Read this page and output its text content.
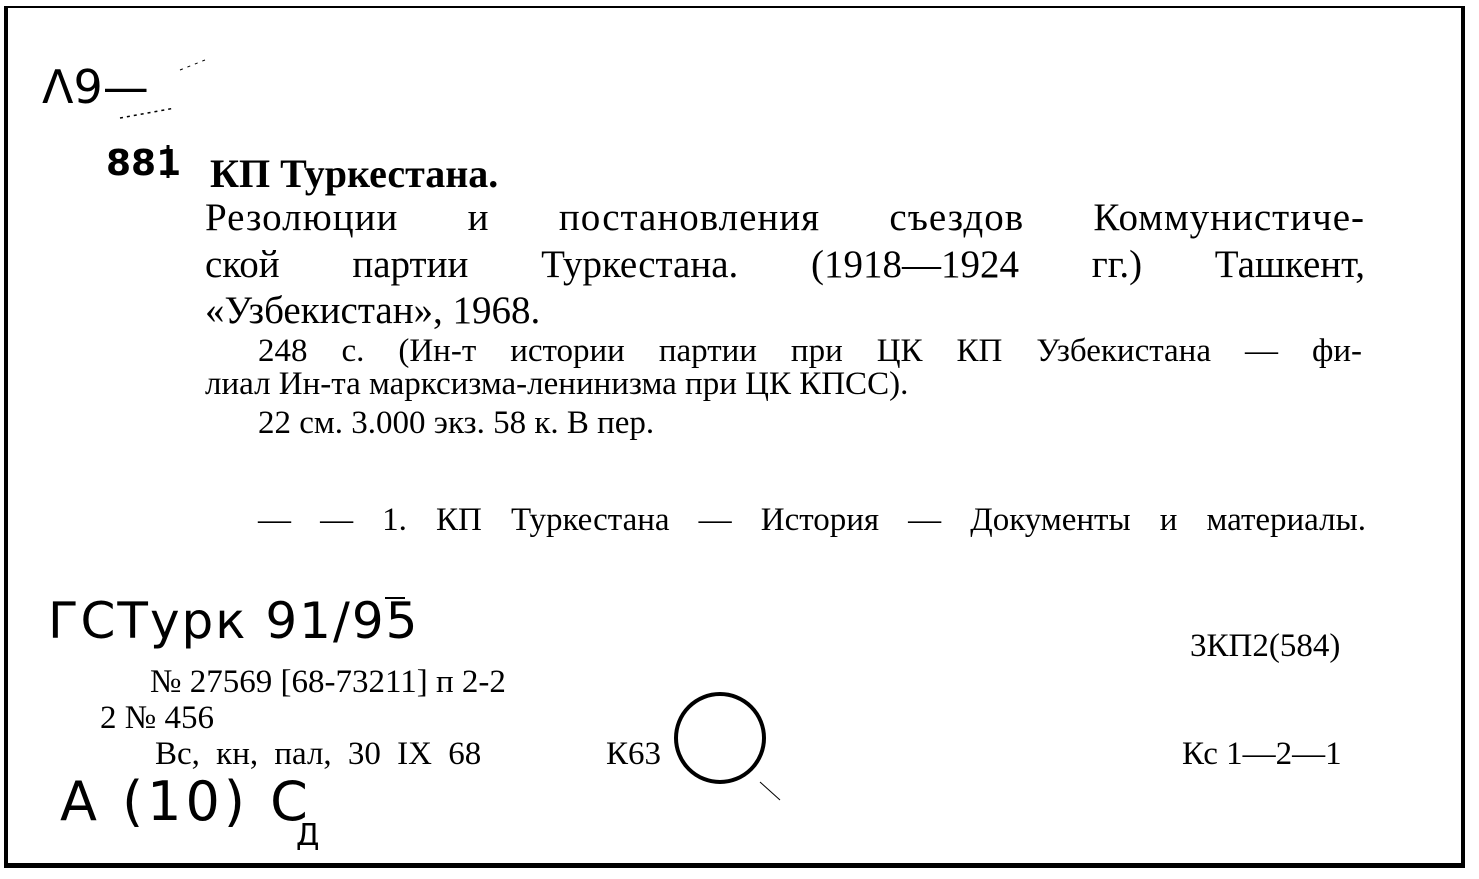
Λ9—
ГСТурк 91/95
А (10) С
Д
881 КП Туркестана.
Резолюции и постановления съездов Коммунистиче-
ской партии Туркестана. (1918—1924 гг.) Ташкент,
«Узбекистан», 1968.
248 с. (Ин-т истории партии при ЦК КП Узбекистана — фи-
лиал Ин-та марксизма-ленинизма при ЦК КПСС).
22 см. 3.000 экз. 58 к. В пер.
— — 1. КП Туркестана — История — Документы и материалы.
3КП2(584)
№ 27569 [68-73211] п 2-2
2 № 456
Вс, кн, пал, 30 IX 68	К63	Кс 1—2—1
